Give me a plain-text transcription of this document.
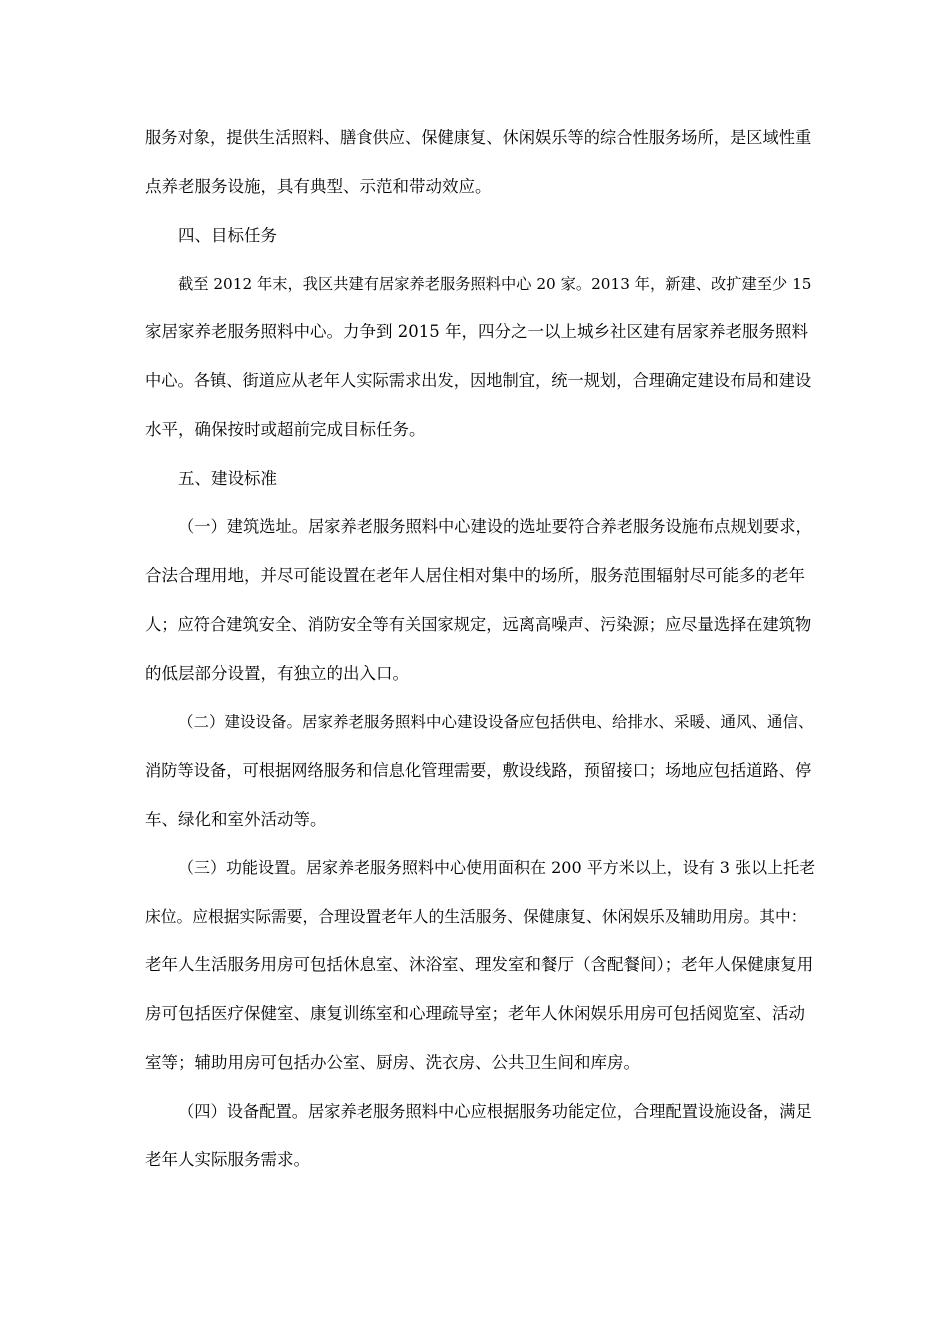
服务对象，提供生活照料、膳食供应、保健康复、休闲娱乐等的综合性服务场所，是区域性重
点养老服务设施，具有典型、示范和带动效应。
四、目标任务
截至 2012 年末，我区共建有居家养老服务照料中心 20 家。2013 年，新建、改扩建至少 15
家居家养老服务照料中心。力争到 2015 年，四分之一以上城乡社区建有居家养老服务照料
中心。各镇、街道应从老年人实际需求出发，因地制宜，统一规划，合理确定建设布局和建设
水平，确保按时或超前完成目标任务。
五、建设标准
（一）建筑选址。居家养老服务照料中心建设的选址要符合养老服务设施布点规划要求，
合法合理用地，并尽可能设置在老年人居住相对集中的场所，服务范围辐射尽可能多的老年
人；应符合建筑安全、消防安全等有关国家规定，远离高噪声、污染源；应尽量选择在建筑物
的低层部分设置，有独立的出入口。
（二）建设设备。居家养老服务照料中心建设设备应包括供电、给排水、采暖、通风、通信、
消防等设备，可根据网络服务和信息化管理需要，敷设线路，预留接口；场地应包括道路、停
车、绿化和室外活动等。
（三）功能设置。居家养老服务照料中心使用面积在 200 平方米以上，设有 3 张以上托老
床位。应根据实际需要，合理设置老年人的生活服务、保健康复、休闲娱乐及辅助用房。其中：
老年人生活服务用房可包括休息室、沐浴室、理发室和餐厅（含配餐间）；老年人保健康复用
房可包括医疗保健室、康复训练室和心理疏导室；老年人休闲娱乐用房可包括阅览室、活动
室等；辅助用房可包括办公室、厨房、洗衣房、公共卫生间和库房。
（四）设备配置。居家养老服务照料中心应根据服务功能定位，合理配置设施设备，满足
老年人实际服务需求。
